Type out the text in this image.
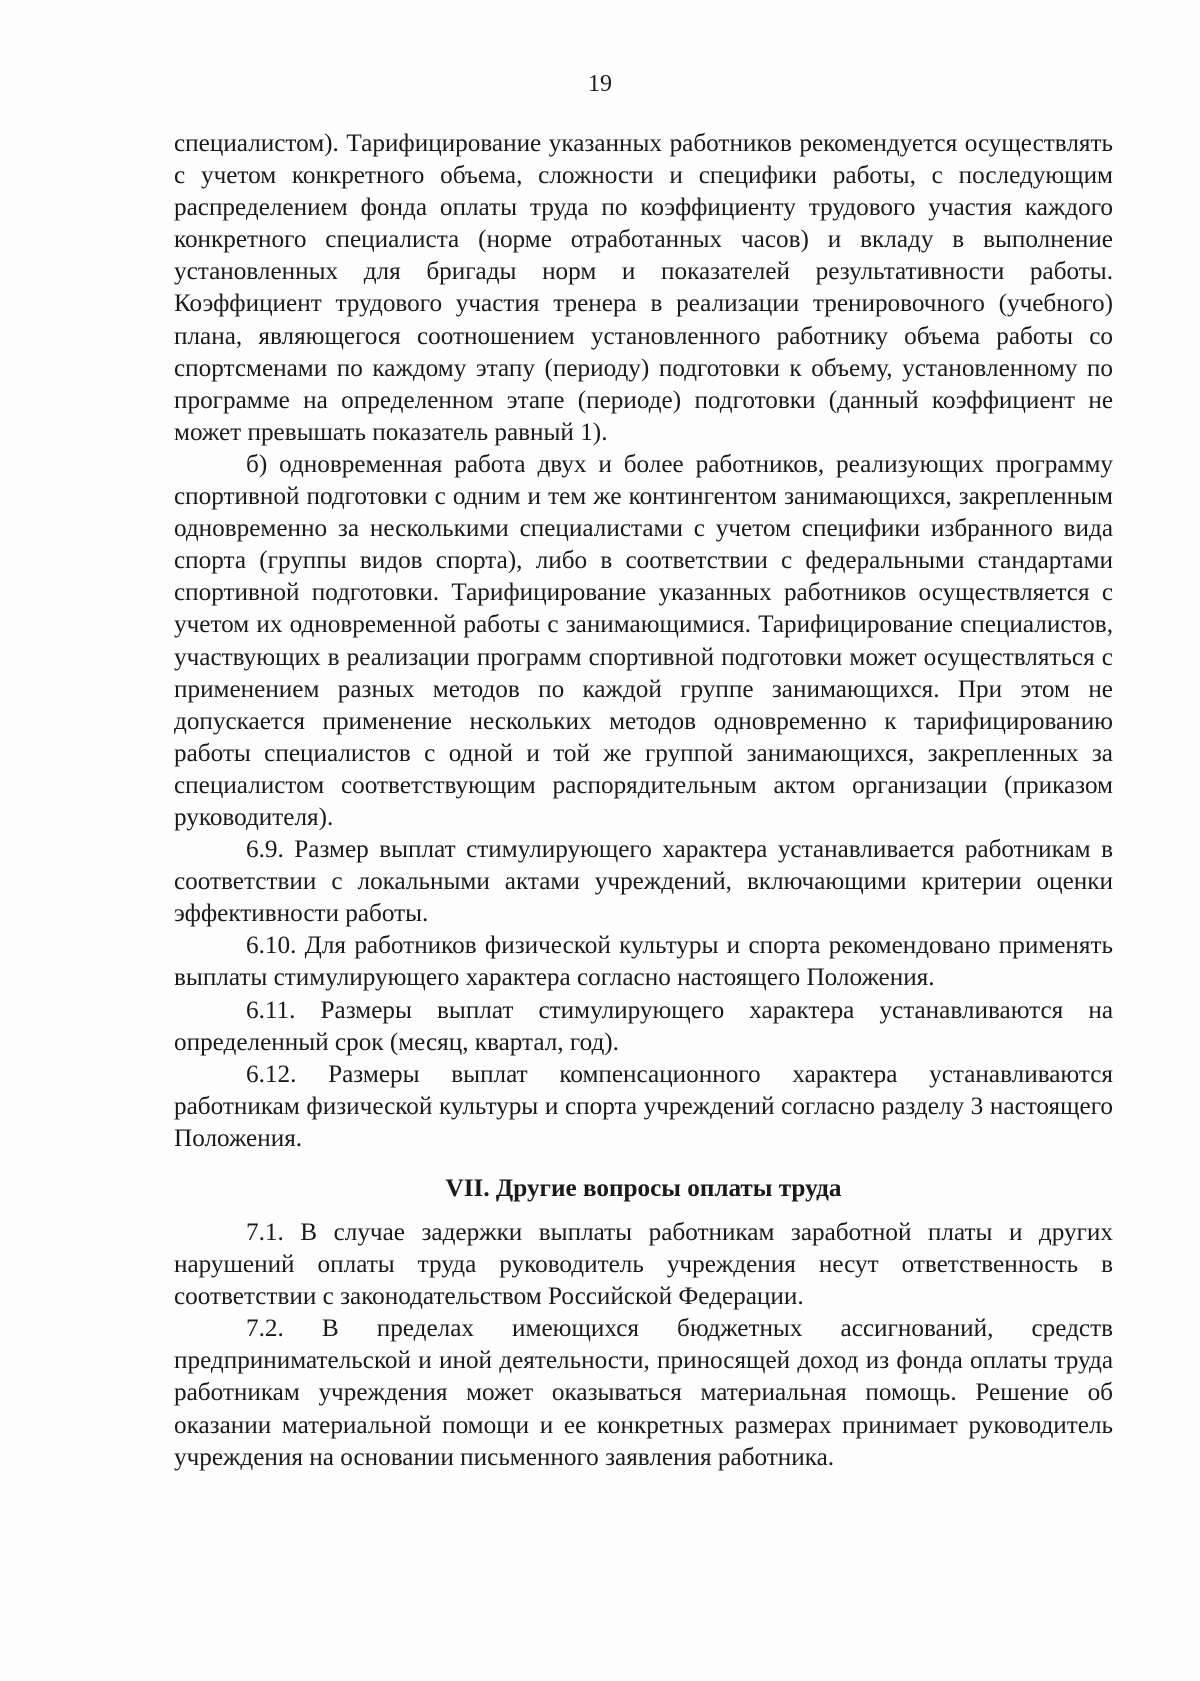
19

специалистом). Тарифицирование указанных работников рекомендуется осуществлять с учетом конкретного объема, сложности и специфики работы, с последующим распределением фонда оплаты труда по коэффициенту трудового участия каждого конкретного специалиста (норме отработанных часов) и вкладу в выполнение установленных для бригады норм и показателей результативности работы. Коэффициент трудового участия тренера в реализации тренировочного (учебного) плана, являющегося соотношением установленного работнику объема работы со спортсменами по каждому этапу (периоду) подготовки к объему, установленному по программе на определенном этапе (периоде) подготовки (данный коэффициент не может превышать показатель равный 1).

б) одновременная работа двух и более работников, реализующих программу спортивной подготовки с одним и тем же контингентом занимающихся, закрепленным одновременно за несколькими специалистами с учетом специфики избранного вида спорта (группы видов спорта), либо в соответствии с федеральными стандартами спортивной подготовки. Тарифицирование указанных работников осуществляется с учетом их одновременной работы с занимающимися. Тарифицирование специалистов, участвующих в реализации программ спортивной подготовки может осуществляться с применением разных методов по каждой группе занимающихся. При этом не допускается применение нескольких методов одновременно к тарифицированию работы специалистов с одной и той же группой занимающихся, закрепленных за специалистом соответствующим распорядительным актом организации (приказом руководителя).

6.9. Размер выплат стимулирующего характера устанавливается работникам в соответствии с локальными актами учреждений, включающими критерии оценки эффективности работы.

6.10. Для работников физической культуры и спорта рекомендовано применять выплаты стимулирующего характера согласно настоящего Положения.

6.11. Размеры выплат стимулирующего характера устанавливаются на определенный срок (месяц, квартал, год).

6.12. Размеры выплат компенсационного характера устанавливаются работникам физической культуры и спорта учреждений согласно разделу 3 настоящего Положения.

VII. Другие вопросы оплаты труда

7.1. В случае задержки выплаты работникам заработной платы и других нарушений оплаты труда руководитель учреждения несут ответственность в соответствии с законодательством Российской Федерации.

7.2. В пределах имеющихся бюджетных ассигнований, средств предпринимательской и иной деятельности, приносящей доход из фонда оплаты труда работникам учреждения может оказываться материальная помощь. Решение об оказании материальной помощи и ее конкретных размерах принимает руководитель учреждения на основании письменного заявления работника.
